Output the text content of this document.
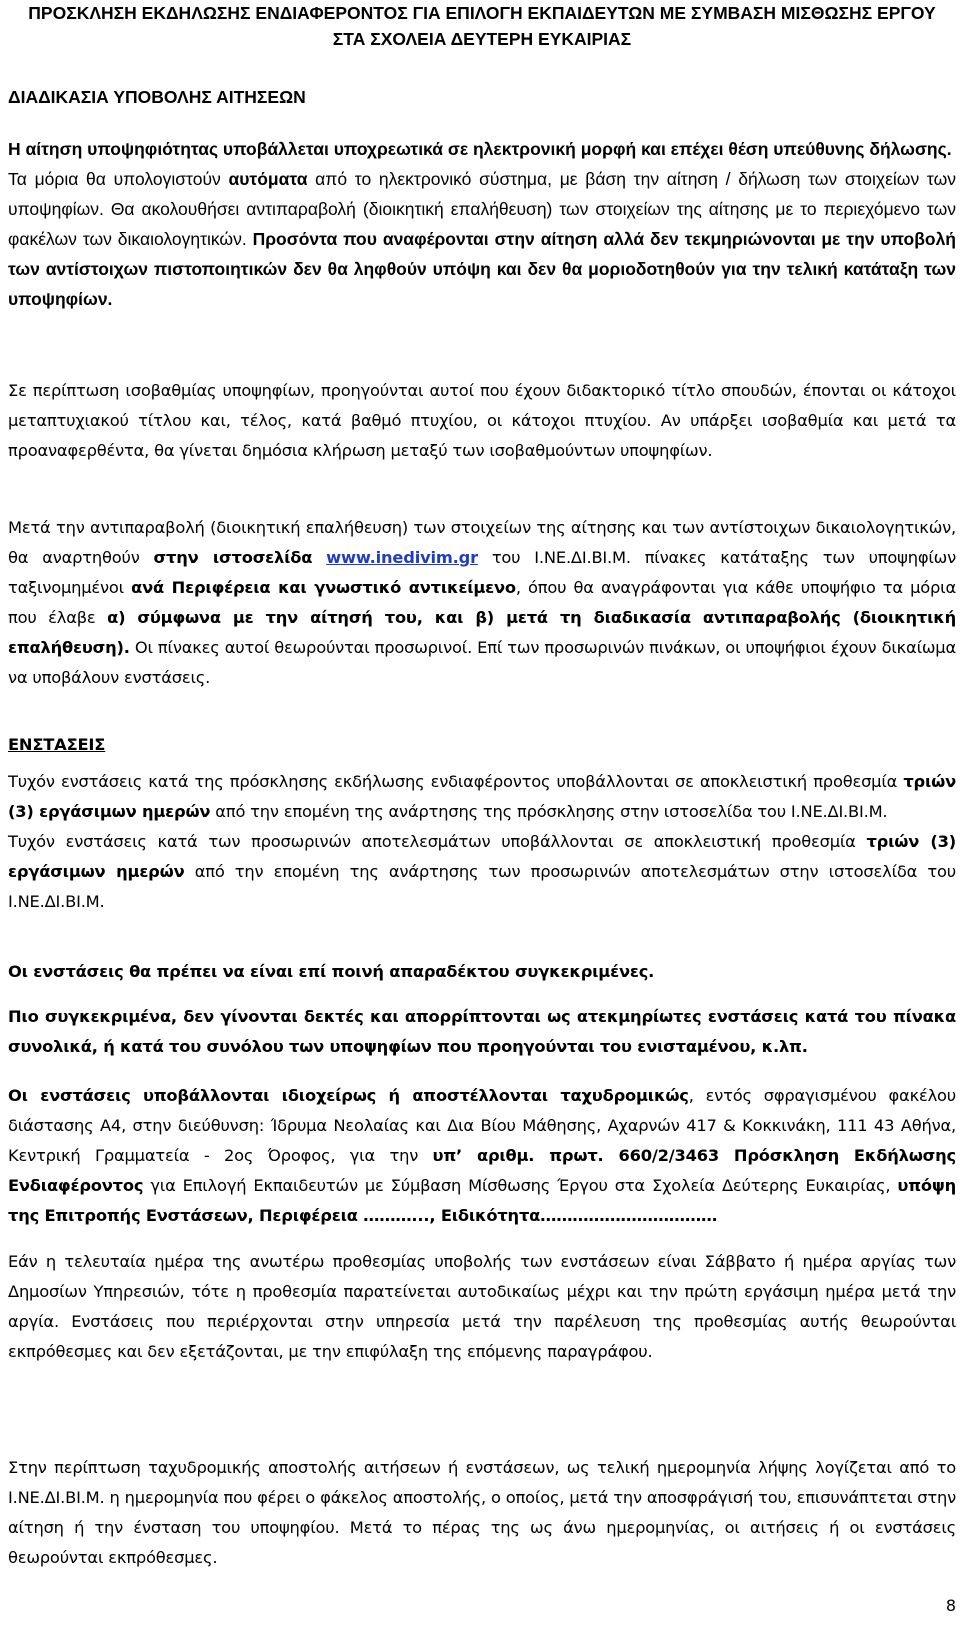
ΠΡΟΣΚΛΗΣΗ ΕΚΔΗΛΩΣΗΣ ΕΝΔΙΑΦΕΡΟΝΤΟΣ ΓΙΑ ΕΠΙΛΟΓΗ ΕΚΠΑΙΔΕΥΤΩΝ ΜΕ ΣΥΜΒΑΣΗ ΜΙΣΘΩΣΗΣ ΕΡΓΟΥ

ΣΤΑ ΣΧΟΛΕΙΑ ΔΕΥΤΕΡΗ ΕΥΚΑΙΡΙΑΣ

ΔΙΑΔΙΚΑΣΙΑ ΥΠΟΒΟΛΗΣ ΑΙΤΗΣΕΩΝ

Η αίτηση υποψηφιότητας υποβάλλεται υποχρεωτικά σε ηλεκτρονική μορφή και επέχει θέση υπεύθυνης δήλωσης.
Τα μόρια θα υπολογιστούν αυτόματα από το ηλεκτρονικό σύστημα, με βάση την αίτηση / δήλωση των στοιχείων των υποψηφίων. Θα ακολουθήσει αντιπαραβολή (διοικητική επαλήθευση) των στοιχείων της αίτησης με το περιεχόμενο των φακέλων των δικαιολογητικών. Προσόντα που αναφέρονται στην αίτηση αλλά δεν τεκμηριώνονται με την υποβολή των αντίστοιχων πιστοποιητικών δεν θα ληφθούν υπόψη και δεν θα μοριοδοτηθούν για την τελική κατάταξη των υποψηφίων.

Σε περίπτωση ισοβαθμίας υποψηφίων, προηγούνται αυτοί που έχουν διδακτορικό τίτλο σπουδών, έπονται οι κάτοχοι μεταπτυχιακού τίτλου και, τέλος, κατά βαθμό πτυχίου, οι κάτοχοι πτυχίου. Αν υπάρξει ισοβαθμία και μετά τα προαναφερθέντα, θα γίνεται δημόσια κλήρωση μεταξύ των ισοβαθμούντων υποψηφίων.

Μετά την αντιπαραβολή (διοικητική επαλήθευση) των στοιχείων της αίτησης και των αντίστοιχων δικαιολογητικών, θα αναρτηθούν στην ιστοσελίδα www.inedivim.gr του Ι.ΝΕ.ΔΙ.ΒΙ.Μ. πίνακες κατάταξης των υποψηφίων ταξινομημένοι ανά Περιφέρεια και γνωστικό αντικείμενο, όπου θα αναγράφονται για κάθε υποψήφιο τα μόρια που έλαβε α) σύμφωνα με την αίτησή του, και β) μετά τη διαδικασία αντιπαραβολής (διοικητική επαλήθευση). Οι πίνακες αυτοί θεωρούνται προσωρινοί. Επί των προσωρινών πινάκων, οι υποψήφιοι έχουν δικαίωμα να υποβάλουν ενστάσεις.

ΕΝΣΤΑΣΕΙΣ

Τυχόν ενστάσεις κατά της πρόσκλησης εκδήλωσης ενδιαφέροντος υποβάλλονται σε αποκλειστική προθεσμία τριών (3) εργάσιμων ημερών από την επομένη της ανάρτησης της πρόσκλησης στην ιστοσελίδα του Ι.ΝΕ.ΔΙ.ΒΙ.Μ.
Τυχόν ενστάσεις κατά των προσωρινών αποτελεσμάτων υποβάλλονται σε αποκλειστική προθεσμία τριών (3) εργάσιμων ημερών από την επομένη της ανάρτησης των προσωρινών αποτελεσμάτων στην ιστοσελίδα του Ι.ΝΕ.ΔΙ.ΒΙ.Μ.

Οι ενστάσεις θα πρέπει να είναι επί ποινή απαραδέκτου συγκεκριμένες.

Πιο συγκεκριμένα, δεν γίνονται δεκτές και απορρίπτονται ως ατεκμηρίωτες ενστάσεις κατά του πίνακα συνολικά, ή κατά του συνόλου των υποψηφίων που προηγούνται του ενισταμένου, κ.λπ.

Οι ενστάσεις υποβάλλονται ιδιοχείρως ή αποστέλλονται ταχυδρομικώς, εντός σφραγισμένου φακέλου διάστασης Α4, στην διεύθυνση: Ίδρυμα Νεολαίας και Δια Βίου Μάθησης, Αχαρνών 417 & Κοκκινάκη, 111 43 Αθήνα, Κεντρική Γραμματεία - 2ος Όροφος, για την υπ’ αριθμ. πρωτ. 660/2/3463 Πρόσκληση Εκδήλωσης Ενδιαφέροντος για Επιλογή Εκπαιδευτών με Σύμβαση Μίσθωσης Έργου στα Σχολεία Δεύτερης Ευκαιρίας, υπόψη της Επιτροπής Ενστάσεων, Περιφέρεια ………..., Ειδικότητα……………………………

Εάν η τελευταία ημέρα της ανωτέρω προθεσμίας υποβολής των ενστάσεων είναι Σάββατο ή ημέρα αργίας των Δημοσίων Υπηρεσιών, τότε η προθεσμία παρατείνεται αυτοδικαίως μέχρι και την πρώτη εργάσιμη ημέρα μετά την αργία. Ενστάσεις που περιέρχονται στην υπηρεσία μετά την παρέλευση της προθεσμίας αυτής θεωρούνται εκπρόθεσμες και δεν εξετάζονται, με την επιφύλαξη της επόμενης παραγράφου.

Στην περίπτωση ταχυδρομικής αποστολής αιτήσεων ή ενστάσεων, ως τελική ημερομηνία λήψης λογίζεται από το Ι.ΝΕ.ΔΙ.ΒΙ.Μ. η ημερομηνία που φέρει ο φάκελος αποστολής, ο οποίος, μετά την αποσφράγισή του, επισυνάπτεται στην αίτηση ή την ένσταση του υποψηφίου. Μετά το πέρας της ως άνω ημερομηνίας, οι αιτήσεις ή οι ενστάσεις θεωρούνται εκπρόθεσμες.

8
